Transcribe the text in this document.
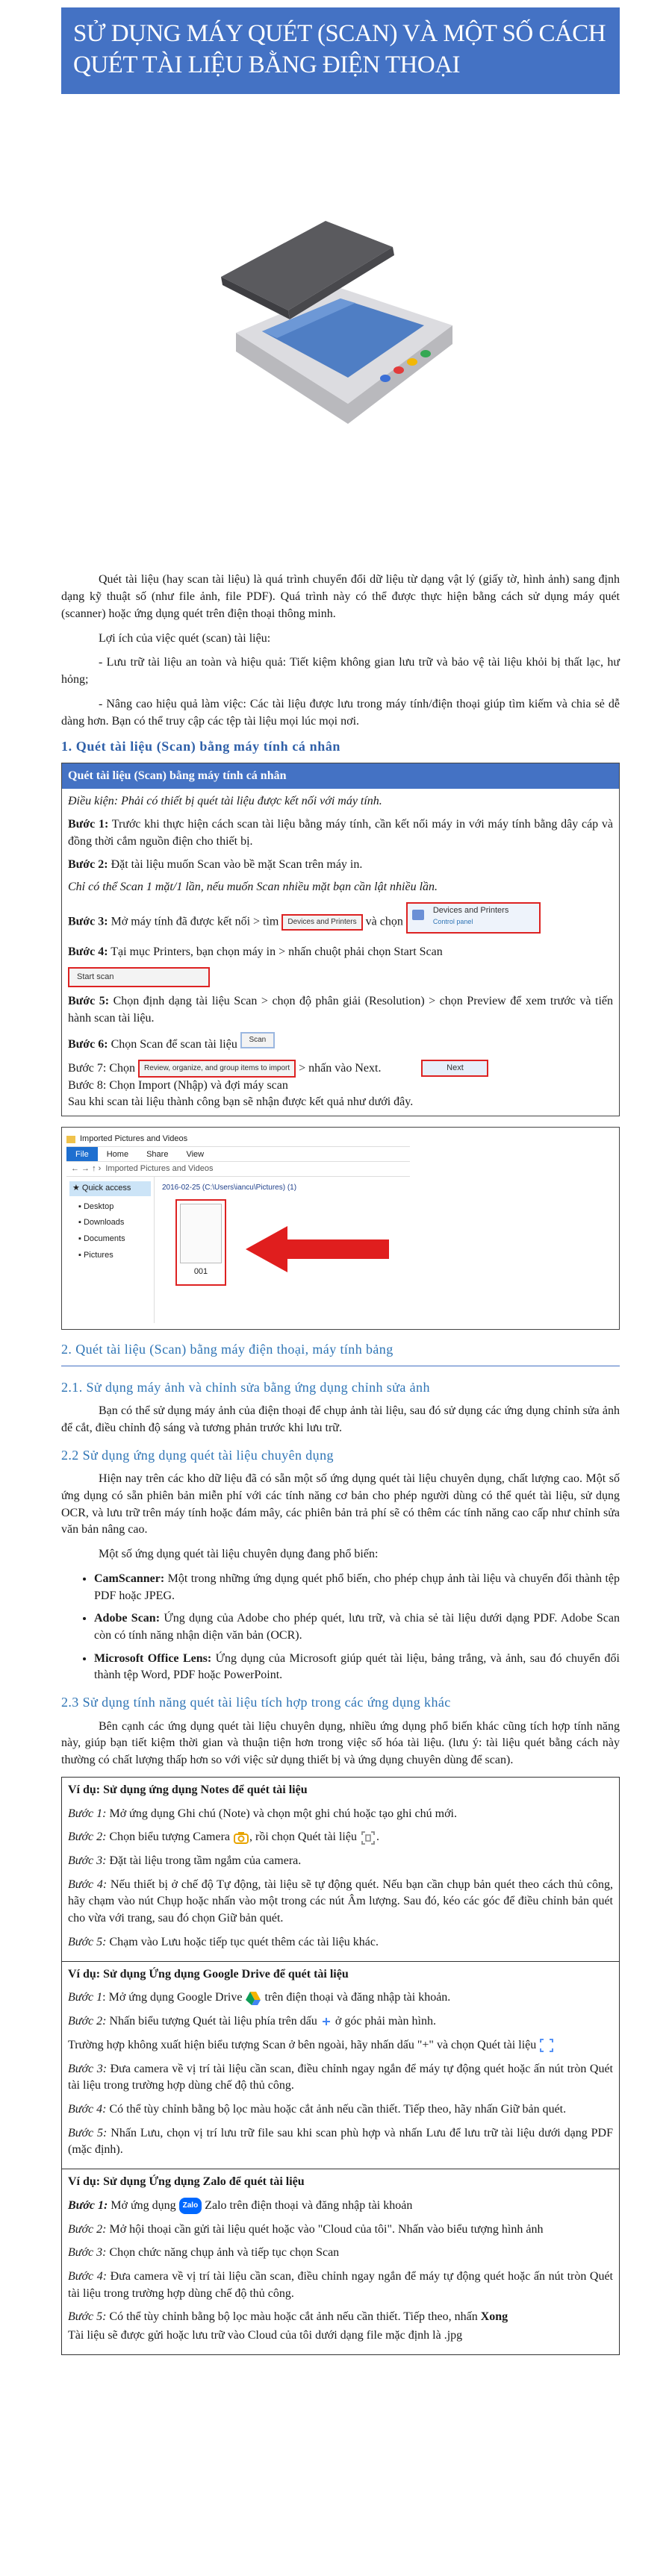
SỬ DỤNG MÁY QUÉT (SCAN) VÀ MỘT SỐ CÁCH QUÉT TÀI LIỆU BẰNG ĐIỆN THOẠI

Quét tài liệu (hay scan tài liệu) là quá trình chuyển đổi dữ liệu từ dạng vật lý (giấy tờ, hình ảnh) sang định dạng kỹ thuật số (như file ảnh, file PDF). Quá trình này có thể được thực hiện bằng cách sử dụng máy quét (scanner) hoặc ứng dụng quét trên điện thoại thông minh.

Lợi ích của việc quét (scan) tài liệu:

- Lưu trữ tài liệu an toàn và hiệu quả: Tiết kiệm không gian lưu trữ và bảo vệ tài liệu khỏi bị thất lạc, hư hỏng;

- Nâng cao hiệu quả làm việc: Các tài liệu được lưu trong máy tính/điện thoại giúp tìm kiếm và chia sẻ dễ dàng hơn. Bạn có thể truy cập các tệp tài liệu mọi lúc mọi nơi.

1. Quét tài liệu (Scan) bằng máy tính cá nhân
Quét tài liệu (Scan) bằng máy tính cá nhân
Điều kiện: Phải có thiết bị quét tài liệu được kết nối với máy tính.
Bước 1: Trước khi thực hiện cách scan tài liệu bằng máy tính, cần kết nối máy in với máy tính bằng dây cáp và đồng thời cắm nguồn điện cho thiết bị.
Bước 2: Đặt tài liệu muốn Scan vào bề mặt Scan trên máy in.
Chỉ có thể Scan 1 mặt/1 lần, nếu muốn Scan nhiều mặt bạn cần lật nhiều lần.
Bước 3: Mở máy tính đã được kết nối > tìm Devices and Printers và chọn
Devices and Printers
Control panel
Bước 4: Tại mục Printers, bạn chọn máy in > nhấn chuột phải chọn Start Scan
Start scan
Bước 5: Chọn định dạng tài liệu Scan > chọn độ phân giải (Resolution) > chọn Preview để xem trước và tiến hành scan tài liệu.
Bước 6: Chọn Scan để scan tài liệu Scan
Bước 7: Chọn Review, organize, and group items to import > nhấn vào Next.	Next
Bước 8: Chọn Import (Nhập) và đợi máy scan
Sau khi scan tài liệu thành công bạn sẽ nhận được kết quả như dưới đây.
Imported Pictures and Videos
File	Home	Share	View
← → ↑ › Imported Pictures and Videos
★ Quick access
▪ Desktop
▪ Downloads
▪ Documents
▪ Pictures
2016-02-25 (C:\Users\iancu\Pictures) (1)
001
2. Quét tài liệu (Scan) bằng máy điện thoại, máy tính bảng
2.1. Sử dụng máy ảnh và chỉnh sửa bằng ứng dụng chỉnh sửa ảnh

Bạn có thể sử dụng máy ảnh của điện thoại để chụp ảnh tài liệu, sau đó sử dụng các ứng dụng chỉnh sửa ảnh để cắt, điều chỉnh độ sáng và tương phản trước khi lưu trữ.

2.2 Sử dụng ứng dụng quét tài liệu chuyên dụng

Hiện nay trên các kho dữ liệu đã có sẵn một số ứng dụng quét tài liệu chuyên dụng, chất lượng cao. Một số ứng dụng có sẵn phiên bản miễn phí với các tính năng cơ bản cho phép người dùng có thể quét tài liệu, sử dụng OCR, và lưu trữ trên máy tính hoặc đám mây, các phiên bản trả phí sẽ có thêm các tính năng cao cấp như chỉnh sửa văn bản nâng cao.

Một số ứng dụng quét tài liệu chuyên dụng đang phổ biến:

• CamScanner: Một trong những ứng dụng quét phổ biến, cho phép chụp ảnh tài liệu và chuyển đổi thành tệp PDF hoặc JPEG.
• Adobe Scan: Ứng dụng của Adobe cho phép quét, lưu trữ, và chia sẻ tài liệu dưới dạng PDF. Adobe Scan còn có tính năng nhận diện văn bản (OCR).
• Microsoft Office Lens: Ứng dụng của Microsoft giúp quét tài liệu, bảng trắng, và ảnh, sau đó chuyển đổi thành tệp Word, PDF hoặc PowerPoint.
2.3 Sử dụng tính năng quét tài liệu tích hợp trong các ứng dụng khác

Bên cạnh các ứng dụng quét tài liệu chuyên dụng, nhiều ứng dụng phổ biến khác cũng tích hợp tính năng này, giúp bạn tiết kiệm thời gian và thuận tiện hơn trong việc số hóa tài liệu. (lưu ý: tài liệu quét bằng cách này thường có chất lượng thấp hơn so với việc sử dụng thiết bị và ứng dụng chuyên dùng để scan).

Ví dụ: Sử dụng ứng dụng Notes để quét tài liệu
Bước 1: Mở ứng dụng Ghi chú (Note) và chọn một ghi chú hoặc tạo ghi chú mới.
Bước 2: Chọn biểu tượng Camera , rồi chọn Quét tài liệu .
Bước 3: Đặt tài liệu trong tầm ngắm của camera.
Bước 4: Nếu thiết bị ở chế độ Tự động, tài liệu sẽ tự động quét. Nếu bạn cần chụp bản quét theo cách thủ công, hãy chạm vào nút Chụp hoặc nhấn vào một trong các nút Âm lượng. Sau đó, kéo các góc để điều chỉnh bản quét cho vừa với trang, sau đó chọn Giữ bản quét.
Bước 5: Chạm vào Lưu hoặc tiếp tục quét thêm các tài liệu khác.
Ví dụ: Sử dụng Ứng dụng Google Drive để quét tài liệu
Bước 1: Mở ứng dụng Google Drive  trên điện thoại và đăng nhập tài khoản.
Bước 2: Nhấn biểu tượng Quét tài liệu phía trên dấu  ở góc phải màn hình.
Trường hợp không xuất hiện biểu tượng Scan ở bên ngoài, hãy nhấn dấu "+" và chọn Quét tài liệu
Bước 3: Đưa camera về vị trí tài liệu cần scan, điều chỉnh ngay ngắn để máy tự động quét hoặc ấn nút tròn Quét tài liệu trong trường hợp dùng chế độ thủ công.
Bước 4: Có thể tùy chỉnh bằng bộ lọc màu hoặc cắt ảnh nếu cần thiết. Tiếp theo, hãy nhấn Giữ bản quét.
Bước 5: Nhấn Lưu, chọn vị trí lưu trữ file sau khi scan phù hợp và nhấn Lưu để lưu trữ tài liệu dưới dạng PDF (mặc định).
Ví dụ: Sử dụng Ứng dụng Zalo để quét tài liệu
Bước 1: Mở ứng dụng Zalo Zalo trên điện thoại và đăng nhập tài khoản
Bước 2: Mở hội thoại cần gửi tài liệu quét hoặc vào "Cloud của tôi". Nhấn vào biểu tượng hình ảnh
Bước 3: Chọn chức năng chụp ảnh và tiếp tục chọn Scan
Bước 4: Đưa camera về vị trí tài liệu cần scan, điều chỉnh ngay ngắn để máy tự động quét hoặc ấn nút tròn Quét tài liệu trong trường hợp dùng chế độ thủ công.
Bước 5: Có thể tùy chỉnh bằng bộ lọc màu hoặc cắt ảnh nếu cần thiết. Tiếp theo, nhấn Xong
Tài liệu sẽ được gửi hoặc lưu trữ vào Cloud của tôi dưới dạng file mặc định là .jpg
